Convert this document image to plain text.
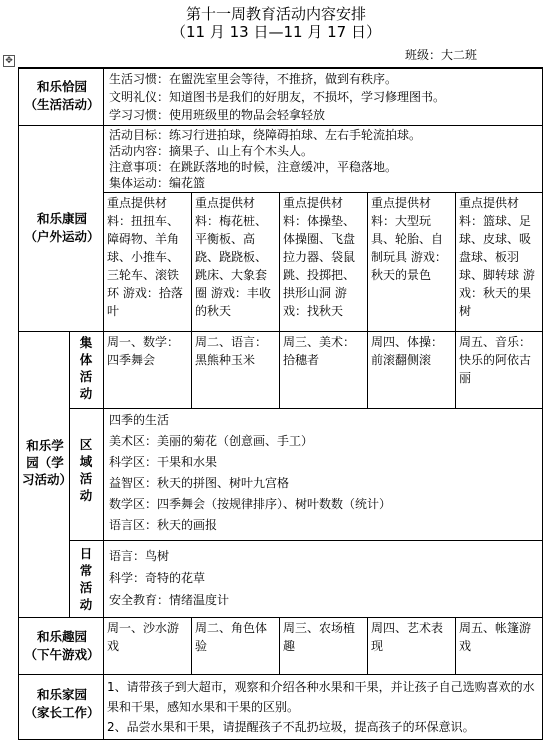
第十一周教育活动内容安排
（11 月 13 日—11 月 17 日）
班级：大二班
✥
和乐恰园
（生活活动）
生活习惯：在盥洗室里会等待，不推挤，做到有秩序。
文明礼仪：知道图书是我们的好朋友，不损坏，学习修理图书。
学习习惯：使用班级里的物品会轻拿轻放
和乐康园
（户外运动）
活动目标：练习行进拍球，绕障碍拍球、左右手轮流拍球。
活动内容：摘果子、山上有个木头人。
注意事项：在跳跃落地的时候，注意缓冲，平稳落地。
集体运动：编花篮
重点提供材料：扭扭车、障碍物、羊角球、小推车、三轮车、滚铁环 游戏：拾落叶
重点提供材料：梅花桩、平衡板、高跷、跷跷板、跳床、大象套圈 游戏：丰收的秋天
重点提供材料：体操垫、体操圈、飞盘 拉力器、袋鼠跳、投掷把、拱形山洞 游戏：找秋天
重点提供材料：大型玩具、轮胎、自制玩具 游戏：秋天的景色
重点提供材料：篮球、足球、皮球、吸盘球、板羽球、脚转球 游戏：秋天的果树
和乐学园（学习活动）
集体活动
区域活动
日常活动
周一、数学：四季舞会
周二、语言：黑熊种玉米
周三、美术：拾穗者
周四、体操：前滚翻侧滚
周五、音乐：快乐的阿依古丽
四季的生活
美术区：美丽的菊花（创意画、手工）
科学区：干果和水果
益智区：秋天的拼图、树叶九宫格
数学区：四季舞会（按规律排序）、树叶数数（统计）
语言区：秋天的画报
语言：鸟树
科学：奇特的花草
安全教育：情绪温度计
和乐趣园
（下午游戏）
周一、沙水游戏
周二、角色体验
周三、农场植趣
周四、艺术表现
周五、帐篷游戏
和乐家园
（家长工作）
1、请带孩子到大超市，观察和介绍各种水果和干果，并让孩子自己选购喜欢的水果和干果，感知水果和干果的区别。
2、品尝水果和干果，请提醒孩子不乱扔垃圾，提高孩子的环保意识。
